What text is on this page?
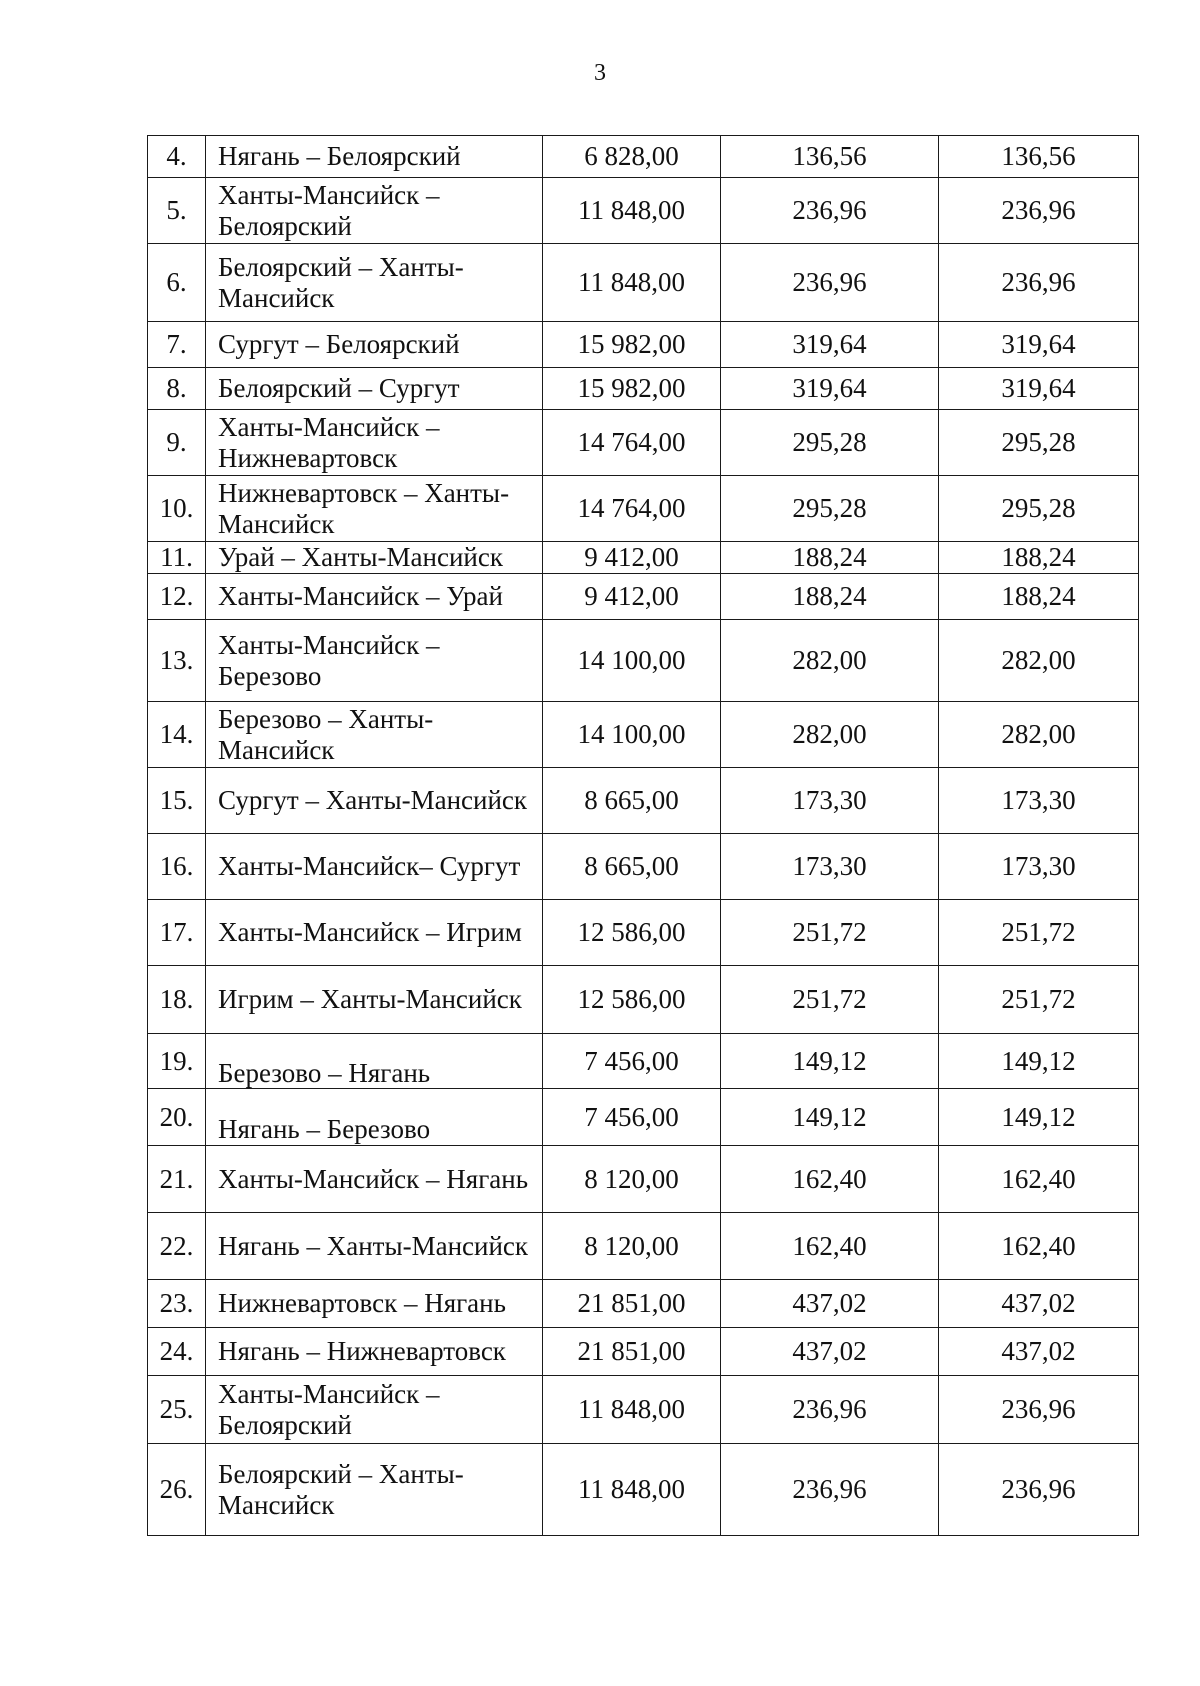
3
4.	Нягань – Белоярский	6 828,00	136,56	136,56
5.	Ханты-Мансийск – Белоярский	11 848,00	236,96	236,96
6.	Белоярский – Ханты-Мансийск	11 848,00	236,96	236,96
7.	Сургут – Белоярский	15 982,00	319,64	319,64
8.	Белоярский – Сургут	15 982,00	319,64	319,64
9.	Ханты-Мансийск – Нижневартовск	14 764,00	295,28	295,28
10.	Нижневартовск – Ханты-Мансийск	14 764,00	295,28	295,28
11.	Урай – Ханты-Мансийск	9 412,00	188,24	188,24
12.	Ханты-Мансийск – Урай	9 412,00	188,24	188,24
13.	Ханты-Мансийск – Березово	14 100,00	282,00	282,00
14.	Березово – Ханты-Мансийск	14 100,00	282,00	282,00
15.	Сургут – Ханты-Мансийск	8 665,00	173,30	173,30
16.	Ханты-Мансийск– Сургут	8 665,00	173,30	173,30
17.	Ханты-Мансийск – Игрим	12 586,00	251,72	251,72
18.	Игрим – Ханты-Мансийск	12 586,00	251,72	251,72
19.	Березово – Нягань	7 456,00	149,12	149,12
20.	Нягань – Березово	7 456,00	149,12	149,12
21.	Ханты-Мансийск – Нягань	8 120,00	162,40	162,40
22.	Нягань – Ханты-Мансийск	8 120,00	162,40	162,40
23.	Нижневартовск – Нягань	21 851,00	437,02	437,02
24.	Нягань – Нижневартовск	21 851,00	437,02	437,02
25.	Ханты-Мансийск – Белоярский	11 848,00	236,96	236,96
26.	Белоярский – Ханты-Мансийск	11 848,00	236,96	236,96
